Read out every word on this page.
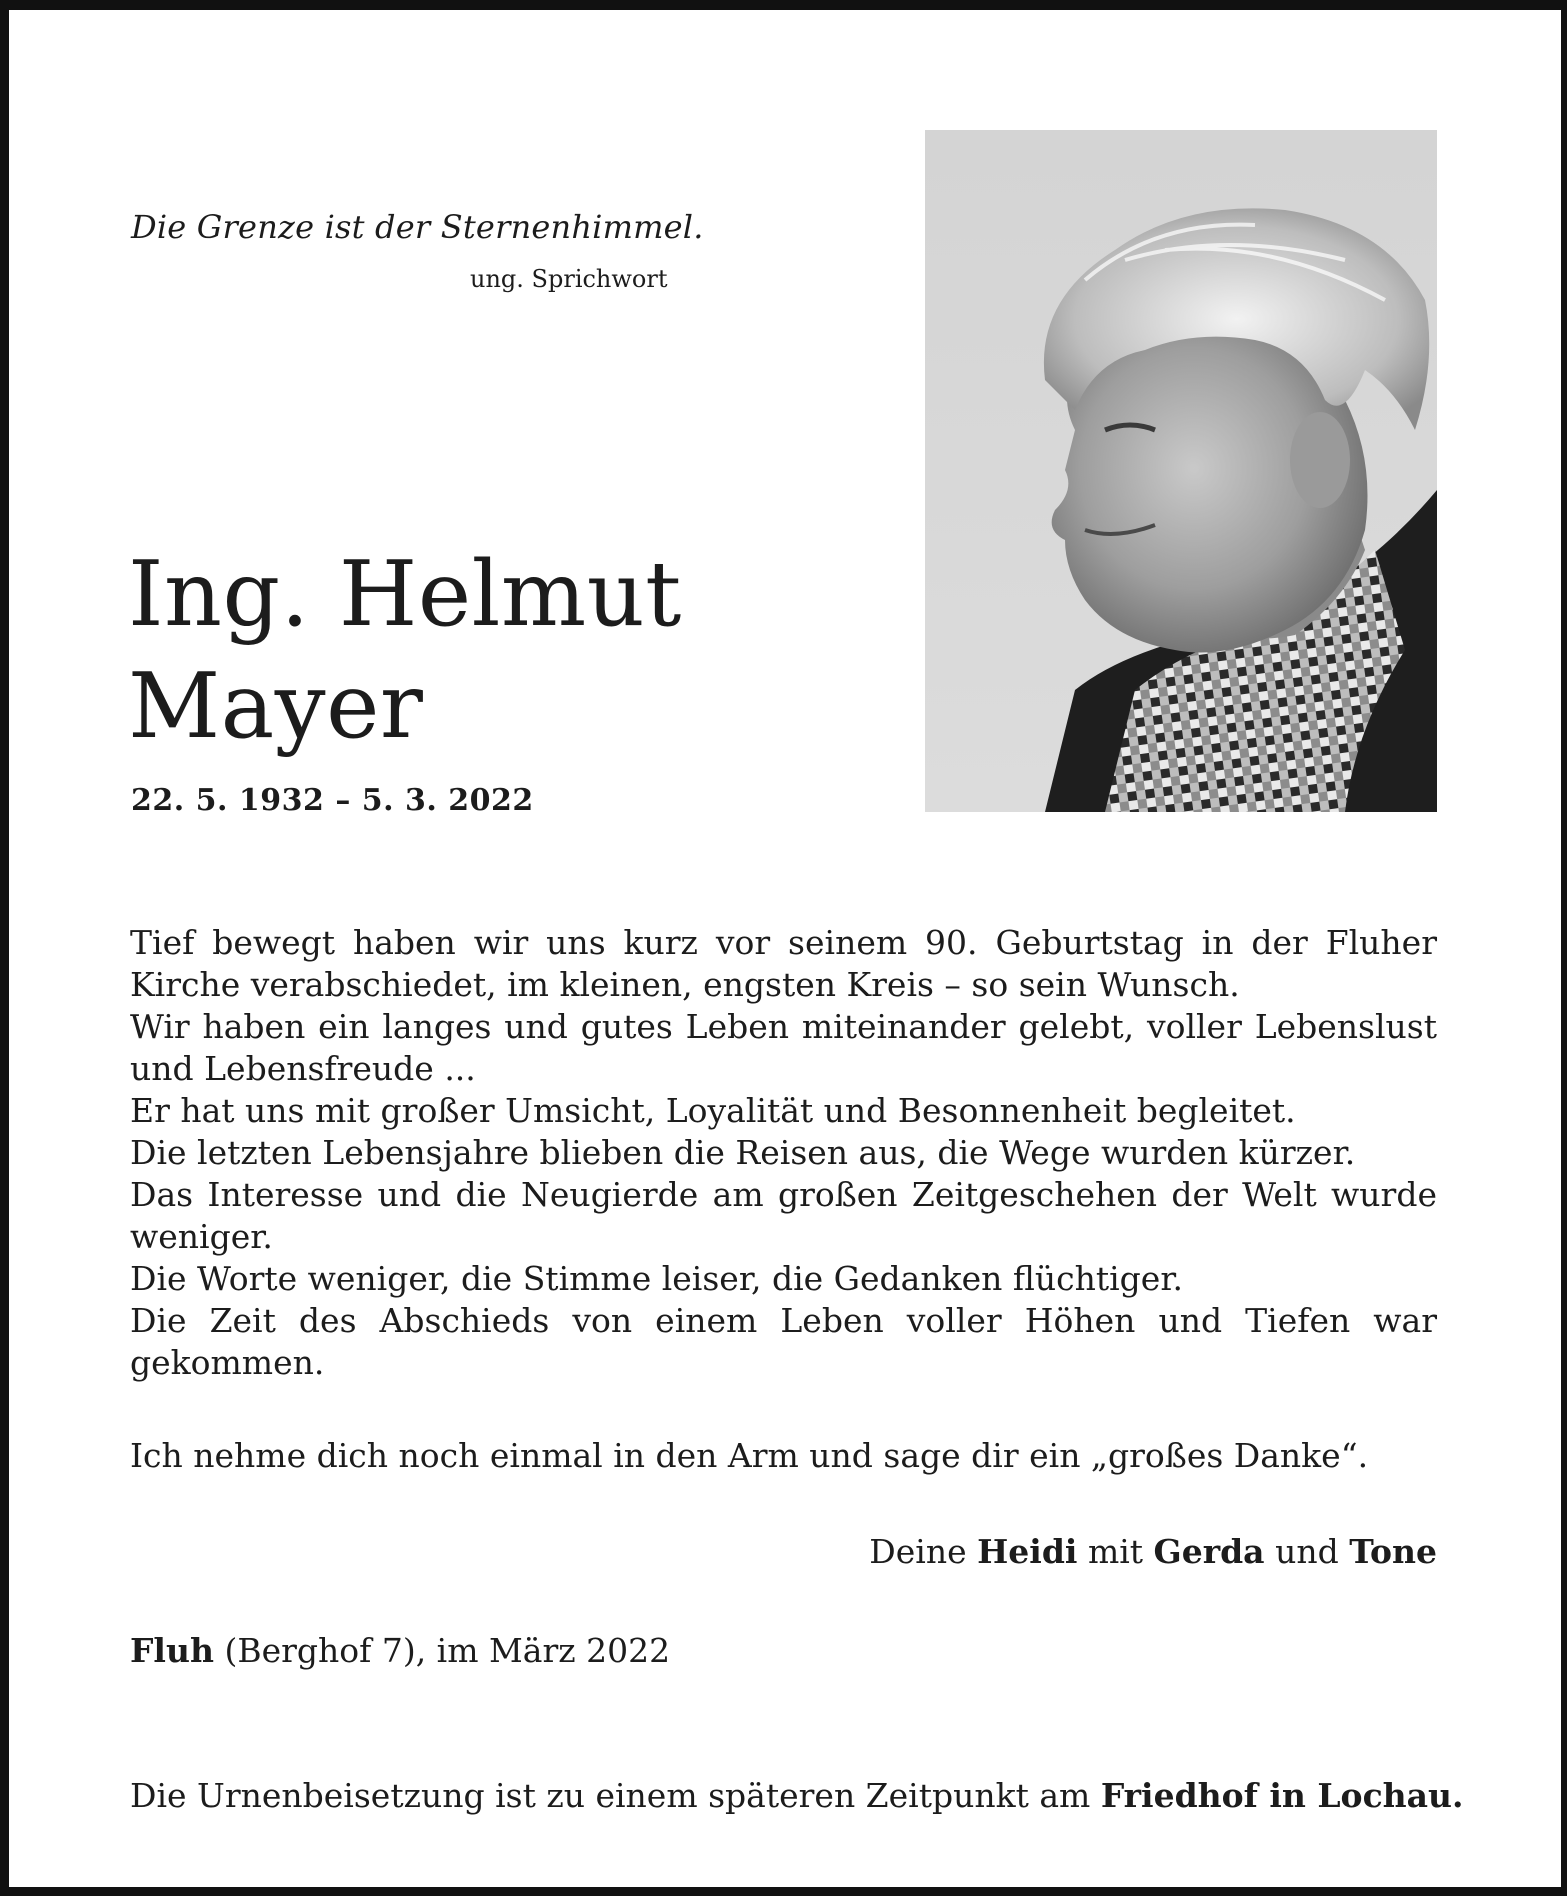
Die Grenze ist der Sternenhimmel.
ung. Sprichwort
Ing. Helmut
Mayer
22. 5. 1932 – 5. 3. 2022

Tief bewegt haben wir uns kurz vor seinem 90. Geburtstag in der Fluher Kirche verabschiedet, im kleinen, engsten Kreis – so sein Wunsch.

Wir haben ein langes und gutes Leben miteinander gelebt, voller Lebenslust und Lebensfreude ...

Er hat uns mit großer Umsicht, Loyalität und Besonnenheit begleitet.

Die letzten Lebensjahre blieben die Reisen aus, die Wege wurden kürzer.

Das Interesse und die Neugierde am großen Zeitgeschehen der Welt wurde weniger.

Die Worte weniger, die Stimme leiser, die Gedanken flüchtiger.

Die Zeit des Abschieds von einem Leben voller Höhen und Tiefen war gekommen.

Ich nehme dich noch einmal in den Arm und sage dir ein „großes Danke“.
Deine Heidi mit Gerda und Tone
Fluh (Berghof 7), im März 2022
Die Urnenbeisetzung ist zu einem späteren Zeitpunkt am Friedhof in Lochau.
